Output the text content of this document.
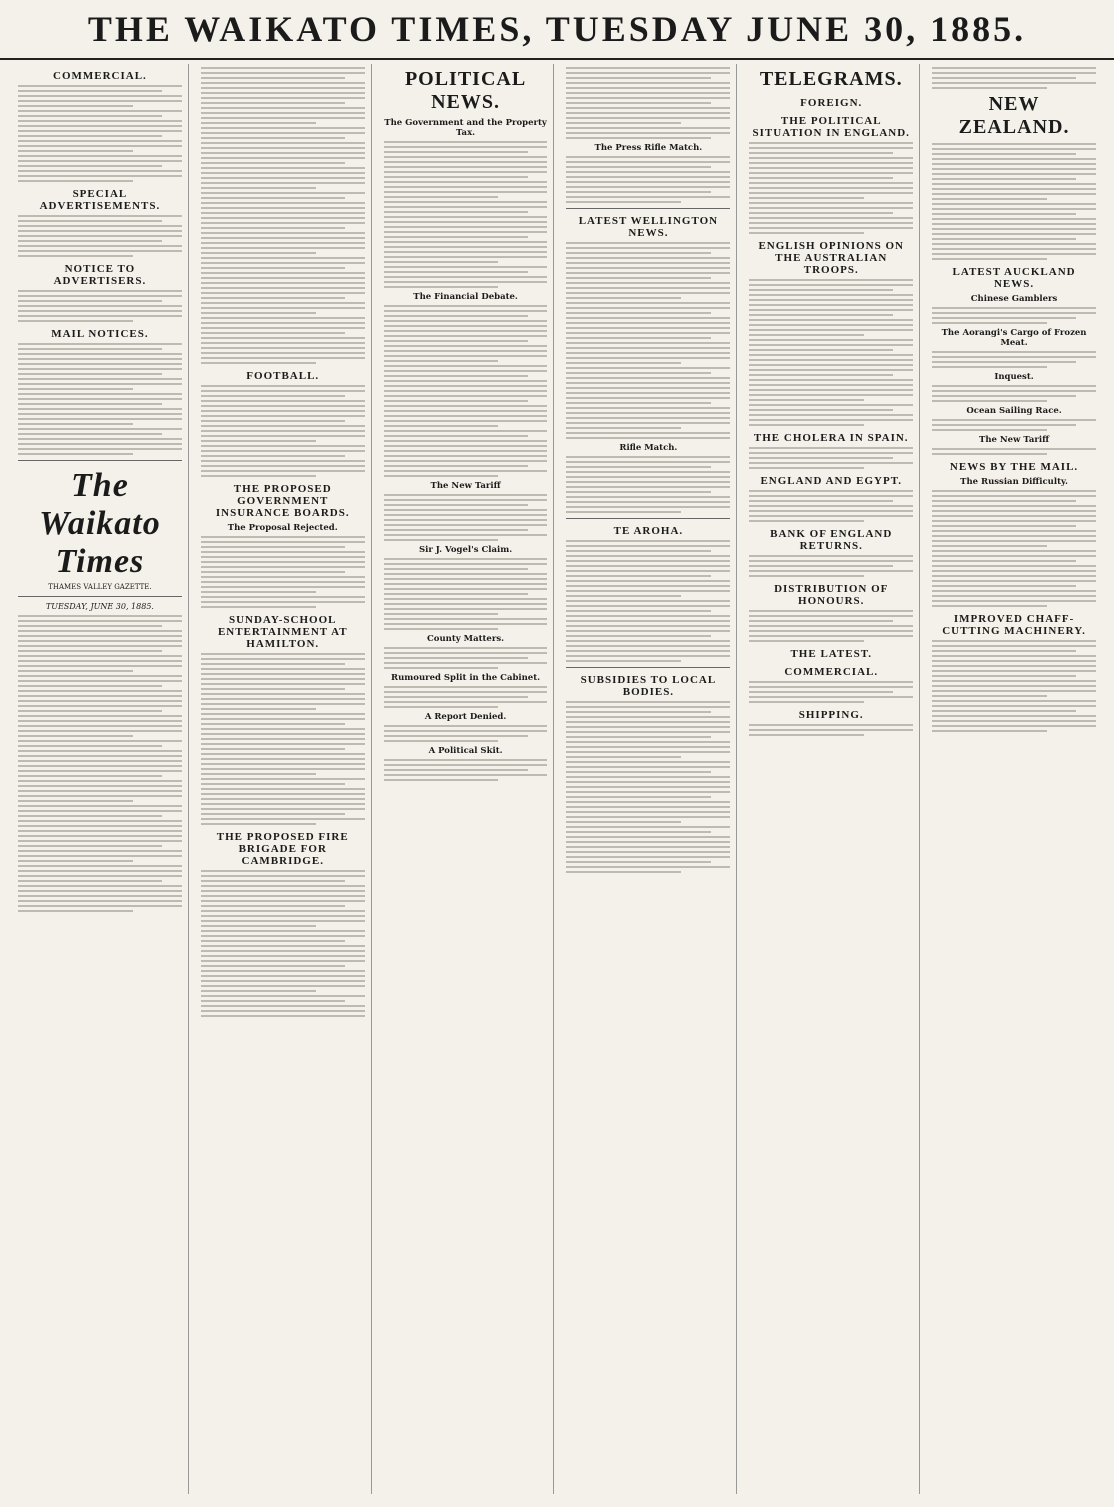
THE WAIKATO TIMES, TUESDAY JUNE 30, 1885.
COMMERCIAL.
SPECIAL ADVERTISEMENTS.
NOTICE TO ADVERTISERS.
MAIL NOTICES.
The Waikato Times
THAMES VALLEY GAZETTE.
TUESDAY, JUNE 30, 1885.
FOOTBALL.
THE PROPOSED GOVERNMENT INSURANCE BOARDS.
The Proposal Rejected.
SUNDAY-SCHOOL ENTERTAINMENT AT HAMILTON.
THE PROPOSED FIRE BRIGADE FOR CAMBRIDGE.
POLITICAL NEWS.
The Government and the Property Tax.
The Financial Debate.
The New Tariff
Sir J. Vogel's Claim.
County Matters.
Rumoured Split in the Cabinet.
A Report Denied.
A Political Skit.
The Press Rifle Match.
LATEST WELLINGTON NEWS.
Rifle Match.
TE AROHA.
SUBSIDIES TO LOCAL BODIES.
TELEGRAMS.
FOREIGN.
THE POLITICAL SITUATION IN ENGLAND.
ENGLISH OPINIONS ON THE AUSTRALIAN TROOPS.
THE CHOLERA IN SPAIN.
ENGLAND AND EGYPT.
BANK OF ENGLAND RETURNS.
DISTRIBUTION OF HONOURS.
THE LATEST.
COMMERCIAL.
SHIPPING.
NEW ZEALAND.
LATEST AUCKLAND NEWS.
Chinese Gamblers
The Aorangi's Cargo of Frozen Meat.
Inquest.
Ocean Sailing Race.
The New Tariff
NEWS BY THE MAIL.
The Russian Difficulty.
IMPROVED CHAFF-CUTTING MACHINERY.
